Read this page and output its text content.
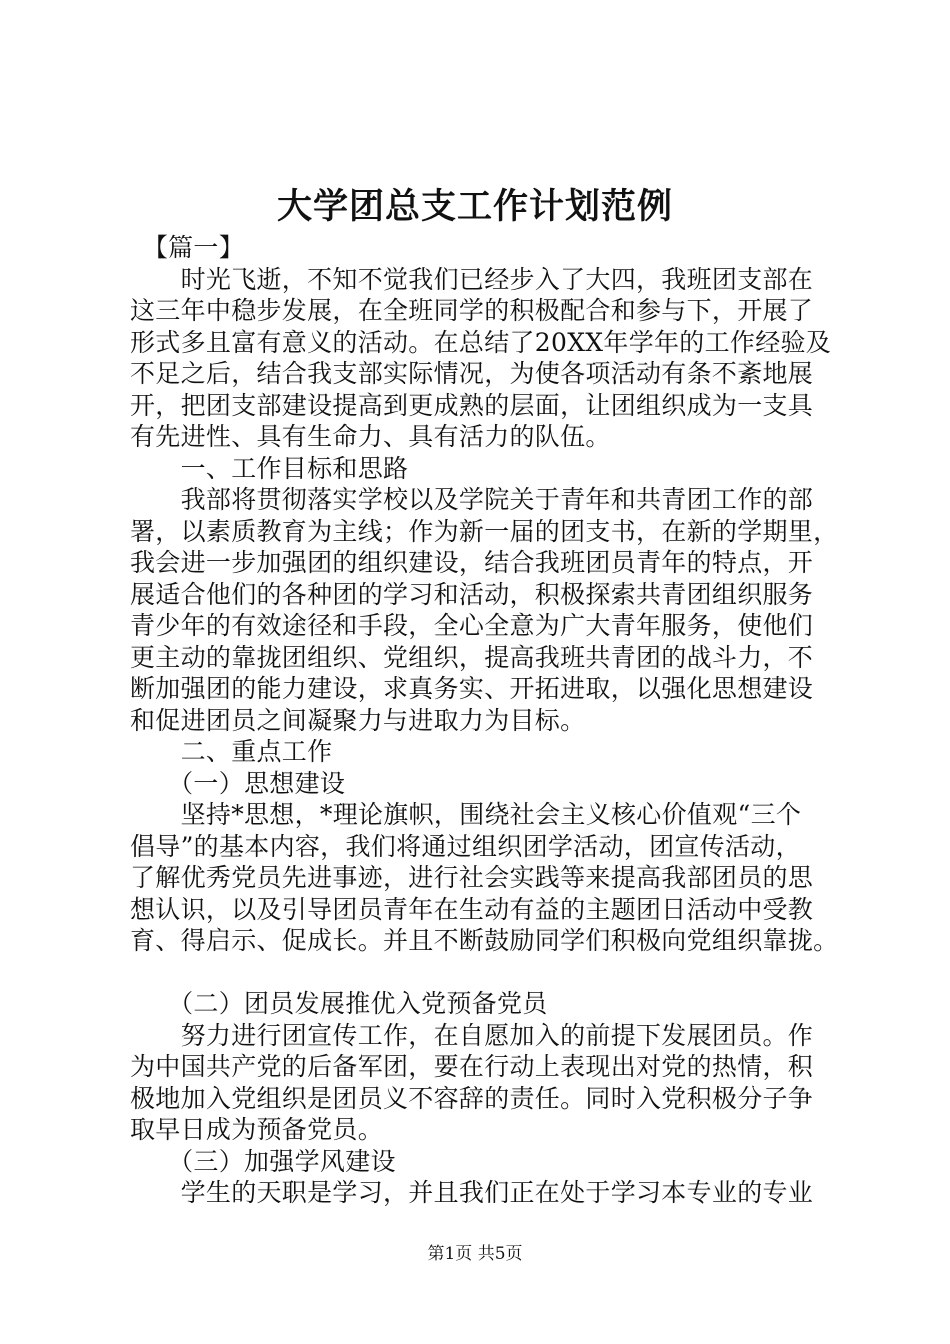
大学团总支工作计划范例
　【篇一】
　　时光飞逝，不知不觉我们已经步入了大四，我班团支部在
这三年中稳步发展，在全班同学的积极配合和参与下，开展了
形式多且富有意义的活动。在总结了20XX年学年的工作经验及
不足之后，结合我支部实际情况，为使各项活动有条不紊地展
开，把团支部建设提高到更成熟的层面，让团组织成为一支具
有先进性、具有生命力、具有活力的队伍。
　　一、工作目标和思路
　　我部将贯彻落实学校以及学院关于青年和共青团工作的部
署，以素质教育为主线；作为新一届的团支书，在新的学期里，
我会进一步加强团的组织建设，结合我班团员青年的特点，开
展适合他们的各种团的学习和活动，积极探索共青团组织服务
青少年的有效途径和手段，全心全意为广大青年服务，使他们
更主动的靠拢团组织、党组织，提高我班共青团的战斗力，不
断加强团的能力建设，求真务实、开拓进取，以强化思想建设
和促进团员之间凝聚力与进取力为目标。
　　二、重点工作
　　（一）思想建设
　　坚持*思想，*理论旗帜，围绕社会主义核心价值观“三个
倡导”的基本内容，我们将通过组织团学活动，团宣传活动，
了解优秀党员先进事迹，进行社会实践等来提高我部团员的思
想认识，以及引导团员青年在生动有益的主题团日活动中受教
育、得启示、促成长。并且不断鼓励同学们积极向党组织靠拢。
　　（二）团员发展推优入党预备党员
　　努力进行团宣传工作，在自愿加入的前提下发展团员。作
为中国共产党的后备军团，要在行动上表现出对党的热情，积
极地加入党组织是团员义不容辞的责任。同时入党积极分子争
取早日成为预备党员。
　　（三）加强学风建设
　　学生的天职是学习，并且我们正在处于学习本专业的专业
第1页 共5页
